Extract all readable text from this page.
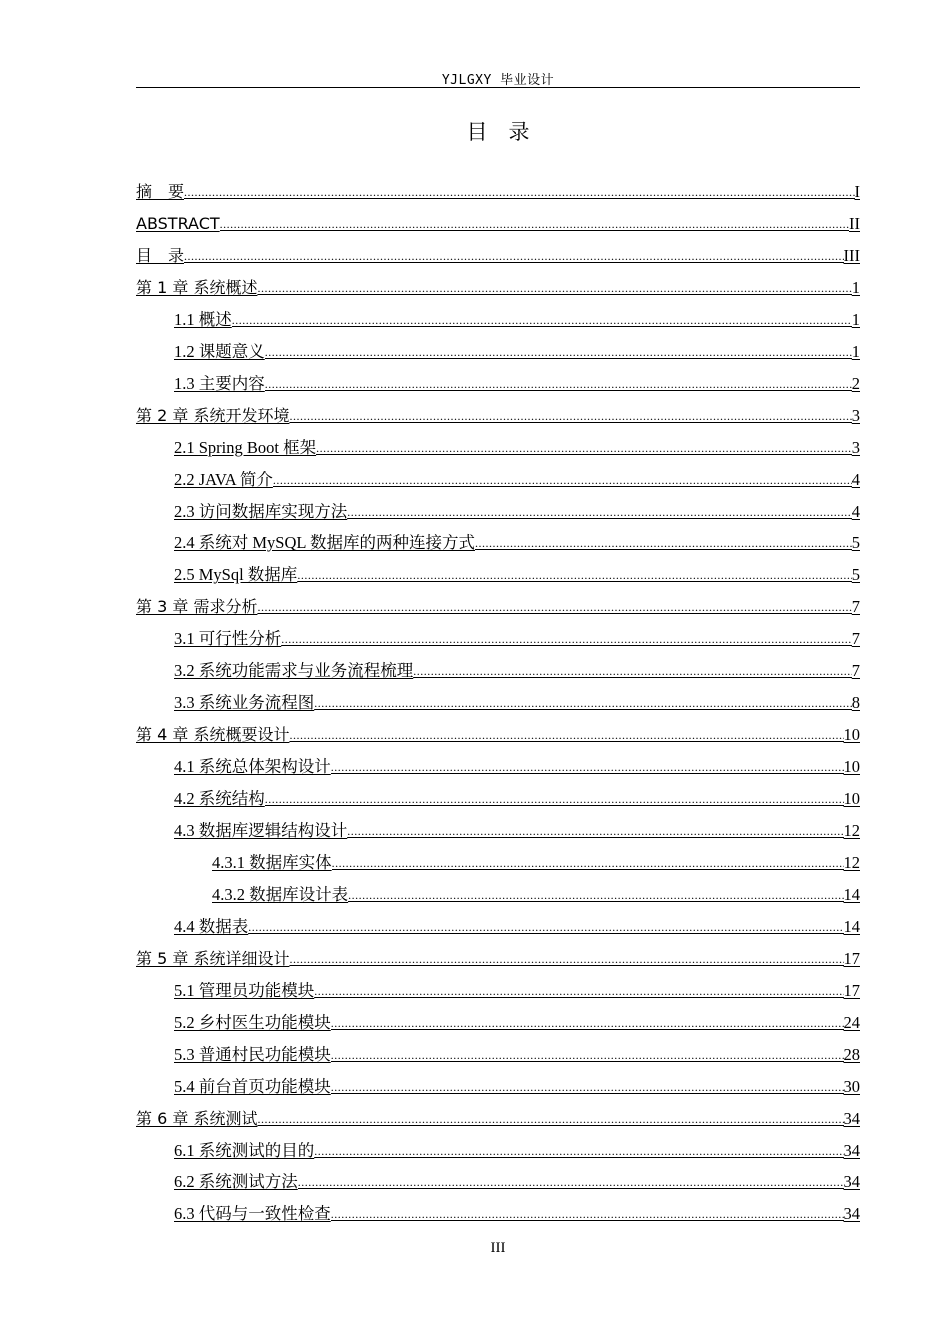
YJLGXY 毕业设计
目　录
摘　要 .....	I
ABSTRACT .....	II
目　录 .....	III
第 1 章 系统概述 .....	1
1.1 概述 .....	1
1.2 课题意义 .....	1
1.3 主要内容 .....	2
第 2 章 系统开发环境 .....	3
2.1 Spring Boot 框架 .....	3
2.2 JAVA 简介 .....	4
2.3 访问数据库实现方法 .....	4
2.4 系统对 MySQL 数据库的两种连接方式 .....	5
2.5 MySql 数据库 .....	5
第 3 章 需求分析 .....	7
3.1 可行性分析 .....	7
3.2 系统功能需求与业务流程梳理 .....	7
3.3 系统业务流程图 .....	8
第 4 章 系统概要设计 .....	10
4.1 系统总体架构设计 .....	10
4.2 系统结构 .....	10
4.3 数据库逻辑结构设计 .....	12
4.3.1 数据库实体 .....	12
4.3.2 数据库设计表 .....	14
4.4 数据表 .....	14
第 5 章 系统详细设计 .....	17
5.1 管理员功能模块 .....	17
5.2 乡村医生功能模块 .....	24
5.3 普通村民功能模块 .....	28
5.4 前台首页功能模块 .....	30
第 6 章 系统测试 .....	34
6.1 系统测试的目的 .....	34
6.2 系统测试方法 .....	34
6.3 代码与一致性检查 .....	34
III
